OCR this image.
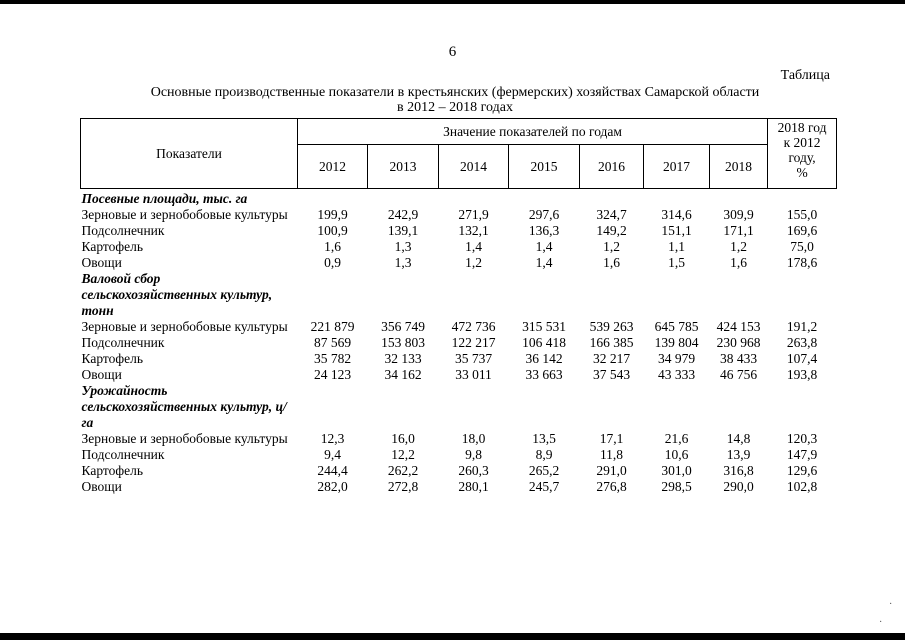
6
Таблица
Основные производственные показатели в крестьянских (фермерских) хозяйствах Самарской области
в 2012 – 2018 годах
Показатели	Значение показателей по годам							2018 год
к 2012
году,
%

	2012	2013	2014	2015	2016	2017	2018	
Посевные площади, тыс. га								
Зерновые и зернобобовые культуры	199,9	242,9	271,9	297,6	324,7	314,6	309,9	155,0
Подсолнечник	100,9	139,1	132,1	136,3	149,2	151,1	171,1	169,6
Картофель	1,6	1,3	1,4	1,4	1,2	1,1	1,2	75,0
Овощи	0,9	1,3	1,2	1,4	1,6	1,5	1,6	178,6
Валовой сбор сельскохозяйственных культур, тонн								
Зерновые и зернобобовые культуры	221 879	356 749	472 736	315 531	539 263	645 785	424 153	191,2
Подсолнечник	87 569	153 803	122 217	106 418	166 385	139 804	230 968	263,8
Картофель	35 782	32 133	35 737	36 142	32 217	34 979	38 433	107,4
Овощи	24 123	34 162	33 011	33 663	37 543	43 333	46 756	193,8
Урожайность сельскохозяйственных культур, ц/га								
Зерновые и зернобобовые культуры	12,3	16,0	18,0	13,5	17,1	21,6	14,8	120,3
Подсолнечник	9,4	12,2	9,8	8,9	11,8	10,6	13,9	147,9
Картофель	244,4	262,2	260,3	265,2	291,0	301,0	316,8	129,6
Овощи	282,0	272,8	280,1	245,7	276,8	298,5	290,0	102,8
·
·
